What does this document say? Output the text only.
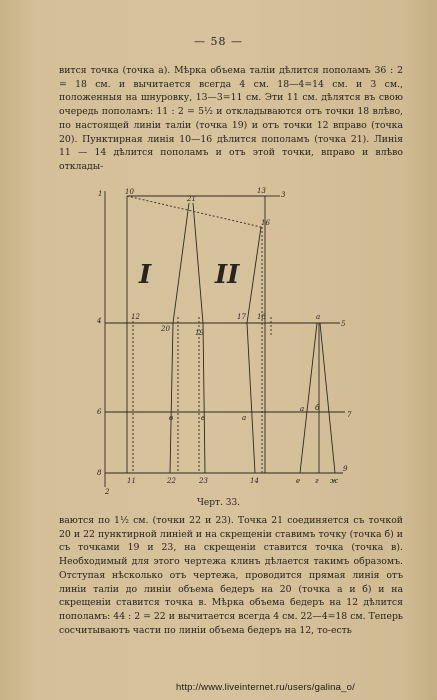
— 58 —

вится точка (точка а). Мѣрка объема талiи дѣлится пополамъ 36 : 2 = 18 см. и вычитается всегда 4 см. 18—4=14 см. и 3 см., положенныя на шнуровку, 13—3=11 см. Эти 11 см. дѣлятся въ свою очередь пополамъ: 11 : 2 = 5½ и откладываются отъ точки 18 влѣво, по настоящей линiи талiи (точка 19) и отъ точки 12 вправо (точка 20). Пунктирная линiя 10—16 дѣлится пополамъ (точка 21). Линiя 11 — 14 дѣлится пополамъ и отъ этой точки, вправо и влѣво отклады-

I II
1	10
21
13 3
16
4	12
20	19
17 18	a
5
6
в	в	а
а б
7
8
11	22	23	14	е г ж
9
2
Черт. 33.

ваются по 1½ см. (точки 22 и 23). Точка 21 соединяется съ точкой 20 и 22 пунктирной линiей и на скрещенiи ставимъ точку (точка б) и съ точками 19 и 23, на скрещенiи ставится точка (точка в). Необходимый для этого чертежа клинъ дѣлается такимъ образомъ. Отступая нѣсколько отъ чертежа, проводится прямая линiя отъ линiи талiи до линiи объема бедеръ на 20 (точка а и б) и на скрещенiи ставится точка в. Мѣрка объема бедеръ на 12 дѣлится пополамъ: 44 : 2 = 22 и вычитается всегда 4 см. 22—4=18 см. Теперь сосчитываютъ части по линiи объема бедеръ на 12, то-есть

http://www.liveinternet.ru/users/galina_o/
